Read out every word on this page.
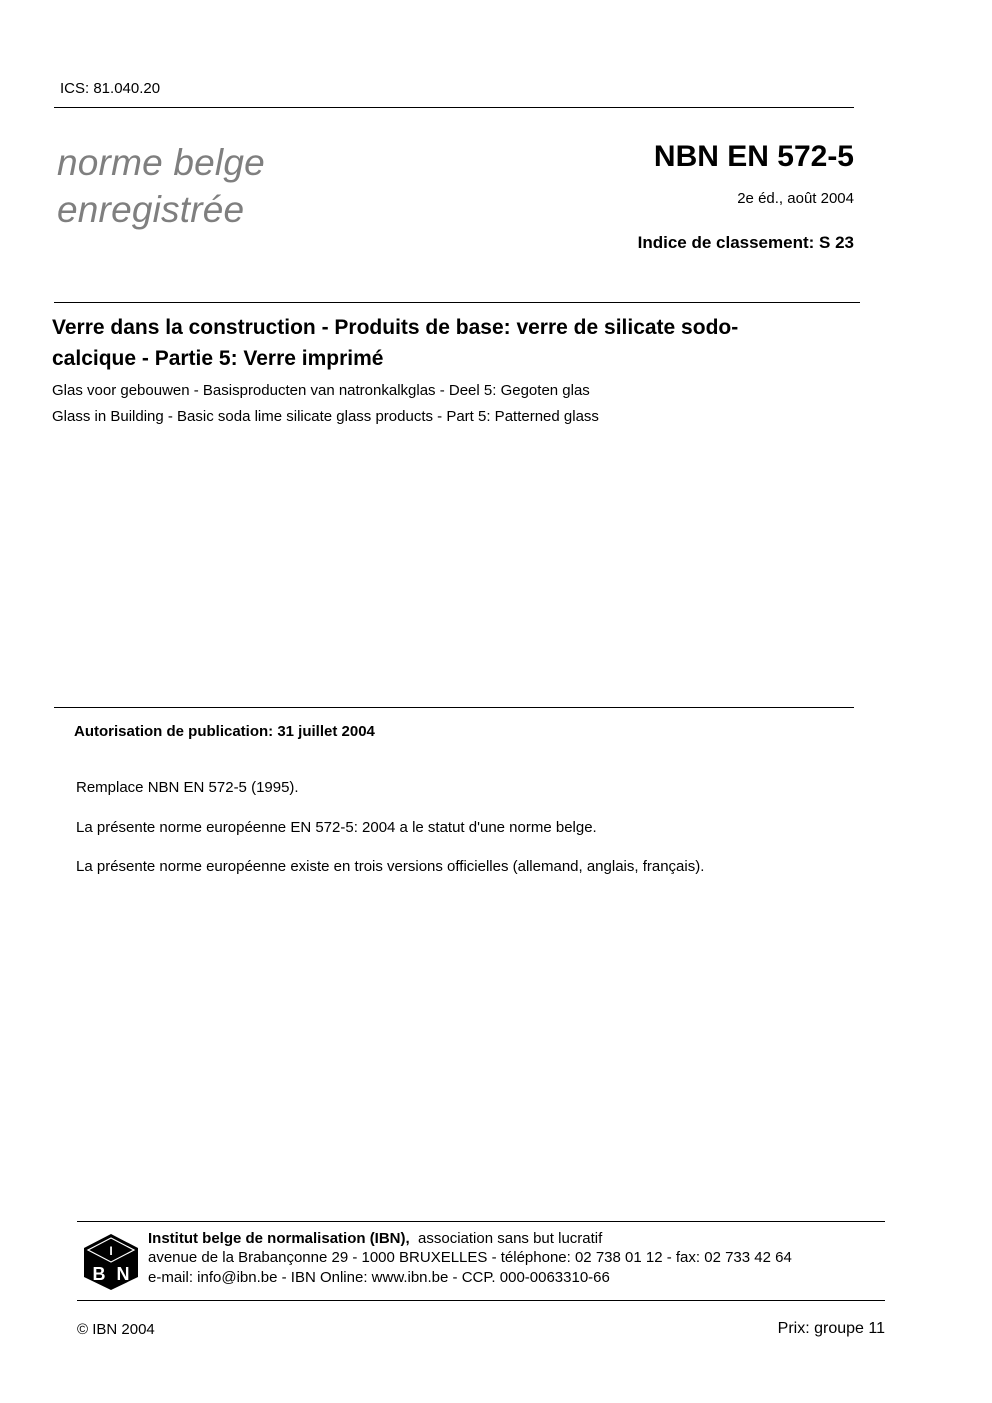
ICS: 81.040.20
norme belge
enregistrée
NBN EN 572-5
2e éd., août 2004
Indice de classement: S 23
Verre dans la construction - Produits de base: verre de silicate sodo-
calcique - Partie 5: Verre imprimé
Glas voor gebouwen - Basisproducten van natronkalkglas - Deel 5: Gegoten glas
Glass in Building - Basic soda lime silicate glass products - Part 5: Patterned glass
Autorisation de publication: 31 juillet 2004
Remplace NBN EN 572-5 (1995).
La présente norme européenne EN 572-5: 2004 a le statut d'une norme belge.
La présente norme européenne existe en trois versions officielles (allemand, anglais, français).
I
B N
Institut belge de normalisation (IBN), association sans but lucratif
avenue de la Brabançonne 29 - 1000 BRUXELLES - téléphone: 02 738 01 12 - fax: 02 733 42 64
e-mail: info@ibn.be - IBN Online: www.ibn.be - CCP. 000-0063310-66
© IBN 2004	Prix: groupe 11
